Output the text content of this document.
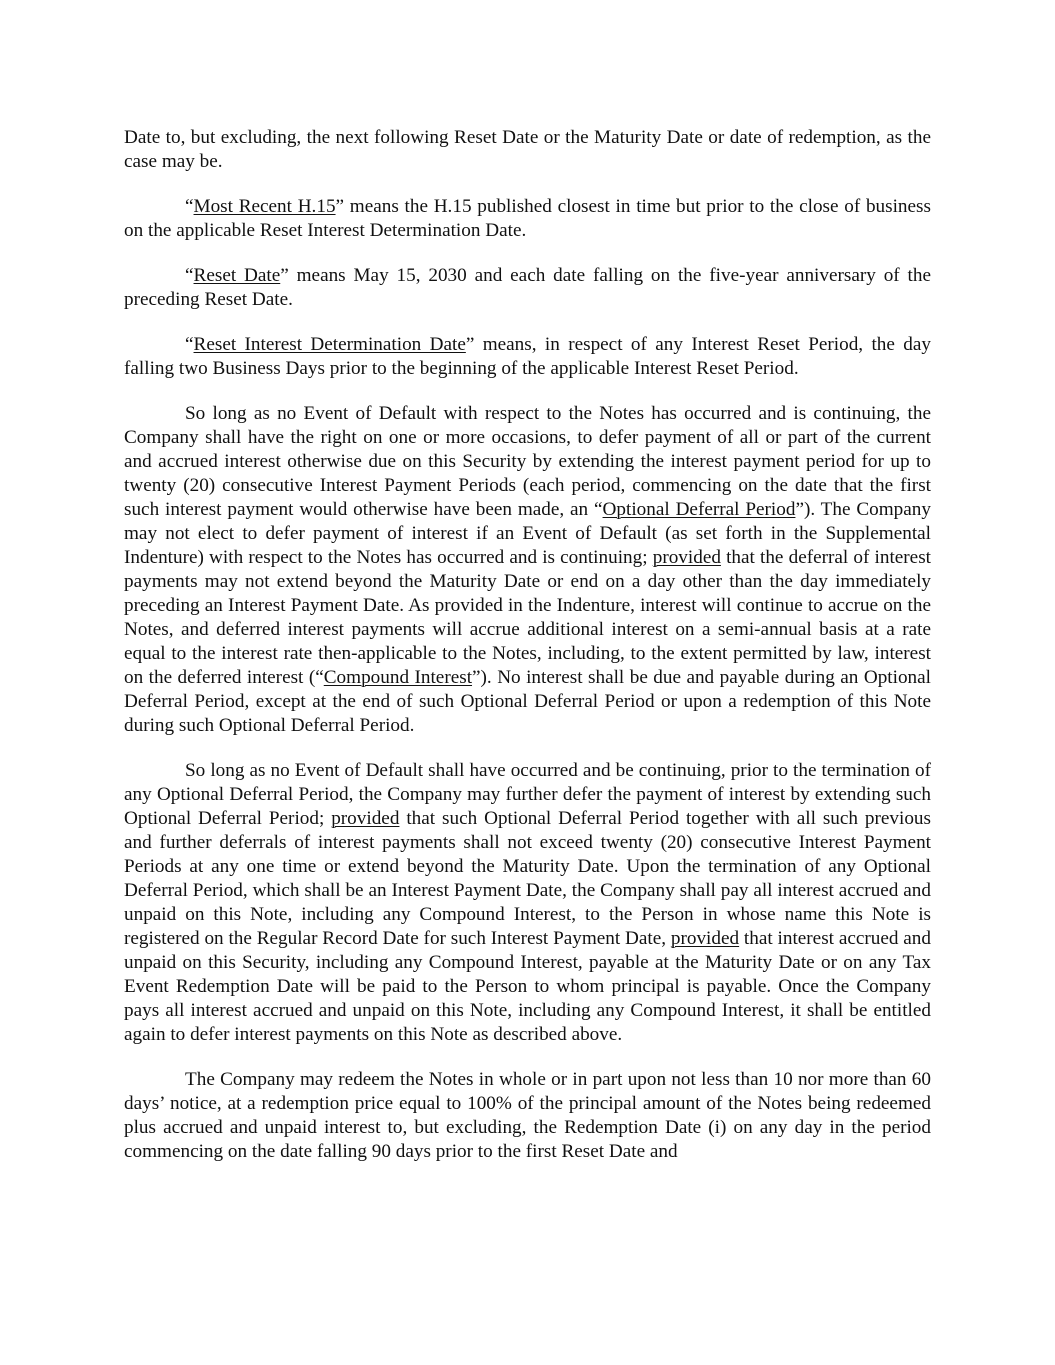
Date to, but excluding, the next following Reset Date or the Maturity Date or date of redemption, as the case may be.

“Most Recent H.15” means the H.15 published closest in time but prior to the close of business on the applicable Reset Interest Determination Date.

“Reset Date” means May 15, 2030 and each date falling on the five-year anniversary of the preceding Reset Date.

“Reset Interest Determination Date” means, in respect of any Interest Reset Period, the day falling two Business Days prior to the beginning of the applicable Interest Reset Period.

So long as no Event of Default with respect to the Notes has occurred and is continuing, the Company shall have the right on one or more occasions, to defer payment of all or part of the current and accrued interest otherwise due on this Security by extending the interest payment period for up to twenty (20) consecutive Interest Payment Periods (each period, commencing on the date that the first such interest payment would otherwise have been made, an “Optional Deferral Period”). The Company may not elect to defer payment of interest if an Event of Default (as set forth in the Supplemental Indenture) with respect to the Notes has occurred and is continuing; provided that the deferral of interest payments may not extend beyond the Maturity Date or end on a day other than the day immediately preceding an Interest Payment Date. As provided in the Indenture, interest will continue to accrue on the Notes, and deferred interest payments will accrue additional interest on a semi-annual basis at a rate equal to the interest rate then-applicable to the Notes, including, to the extent permitted by law, interest on the deferred interest (“Compound Interest”). No interest shall be due and payable during an Optional Deferral Period, except at the end of such Optional Deferral Period or upon a redemption of this Note during such Optional Deferral Period.

So long as no Event of Default shall have occurred and be continuing, prior to the termination of any Optional Deferral Period, the Company may further defer the payment of interest by extending such Optional Deferral Period; provided that such Optional Deferral Period together with all such previous and further deferrals of interest payments shall not exceed twenty (20) consecutive Interest Payment Periods at any one time or extend beyond the Maturity Date. Upon the termination of any Optional Deferral Period, which shall be an Interest Payment Date, the Company shall pay all interest accrued and unpaid on this Note, including any Compound Interest, to the Person in whose name this Note is registered on the Regular Record Date for such Interest Payment Date, provided that interest accrued and unpaid on this Security, including any Compound Interest, payable at the Maturity Date or on any Tax Event Redemption Date will be paid to the Person to whom principal is payable. Once the Company pays all interest accrued and unpaid on this Note, including any Compound Interest, it shall be entitled again to defer interest payments on this Note as described above.

The Company may redeem the Notes in whole or in part upon not less than 10 nor more than 60 days’ notice, at a redemption price equal to 100% of the principal amount of the Notes being redeemed plus accrued and unpaid interest to, but excluding, the Redemption Date (i) on any day in the period commencing on the date falling 90 days prior to the first Reset Date and
